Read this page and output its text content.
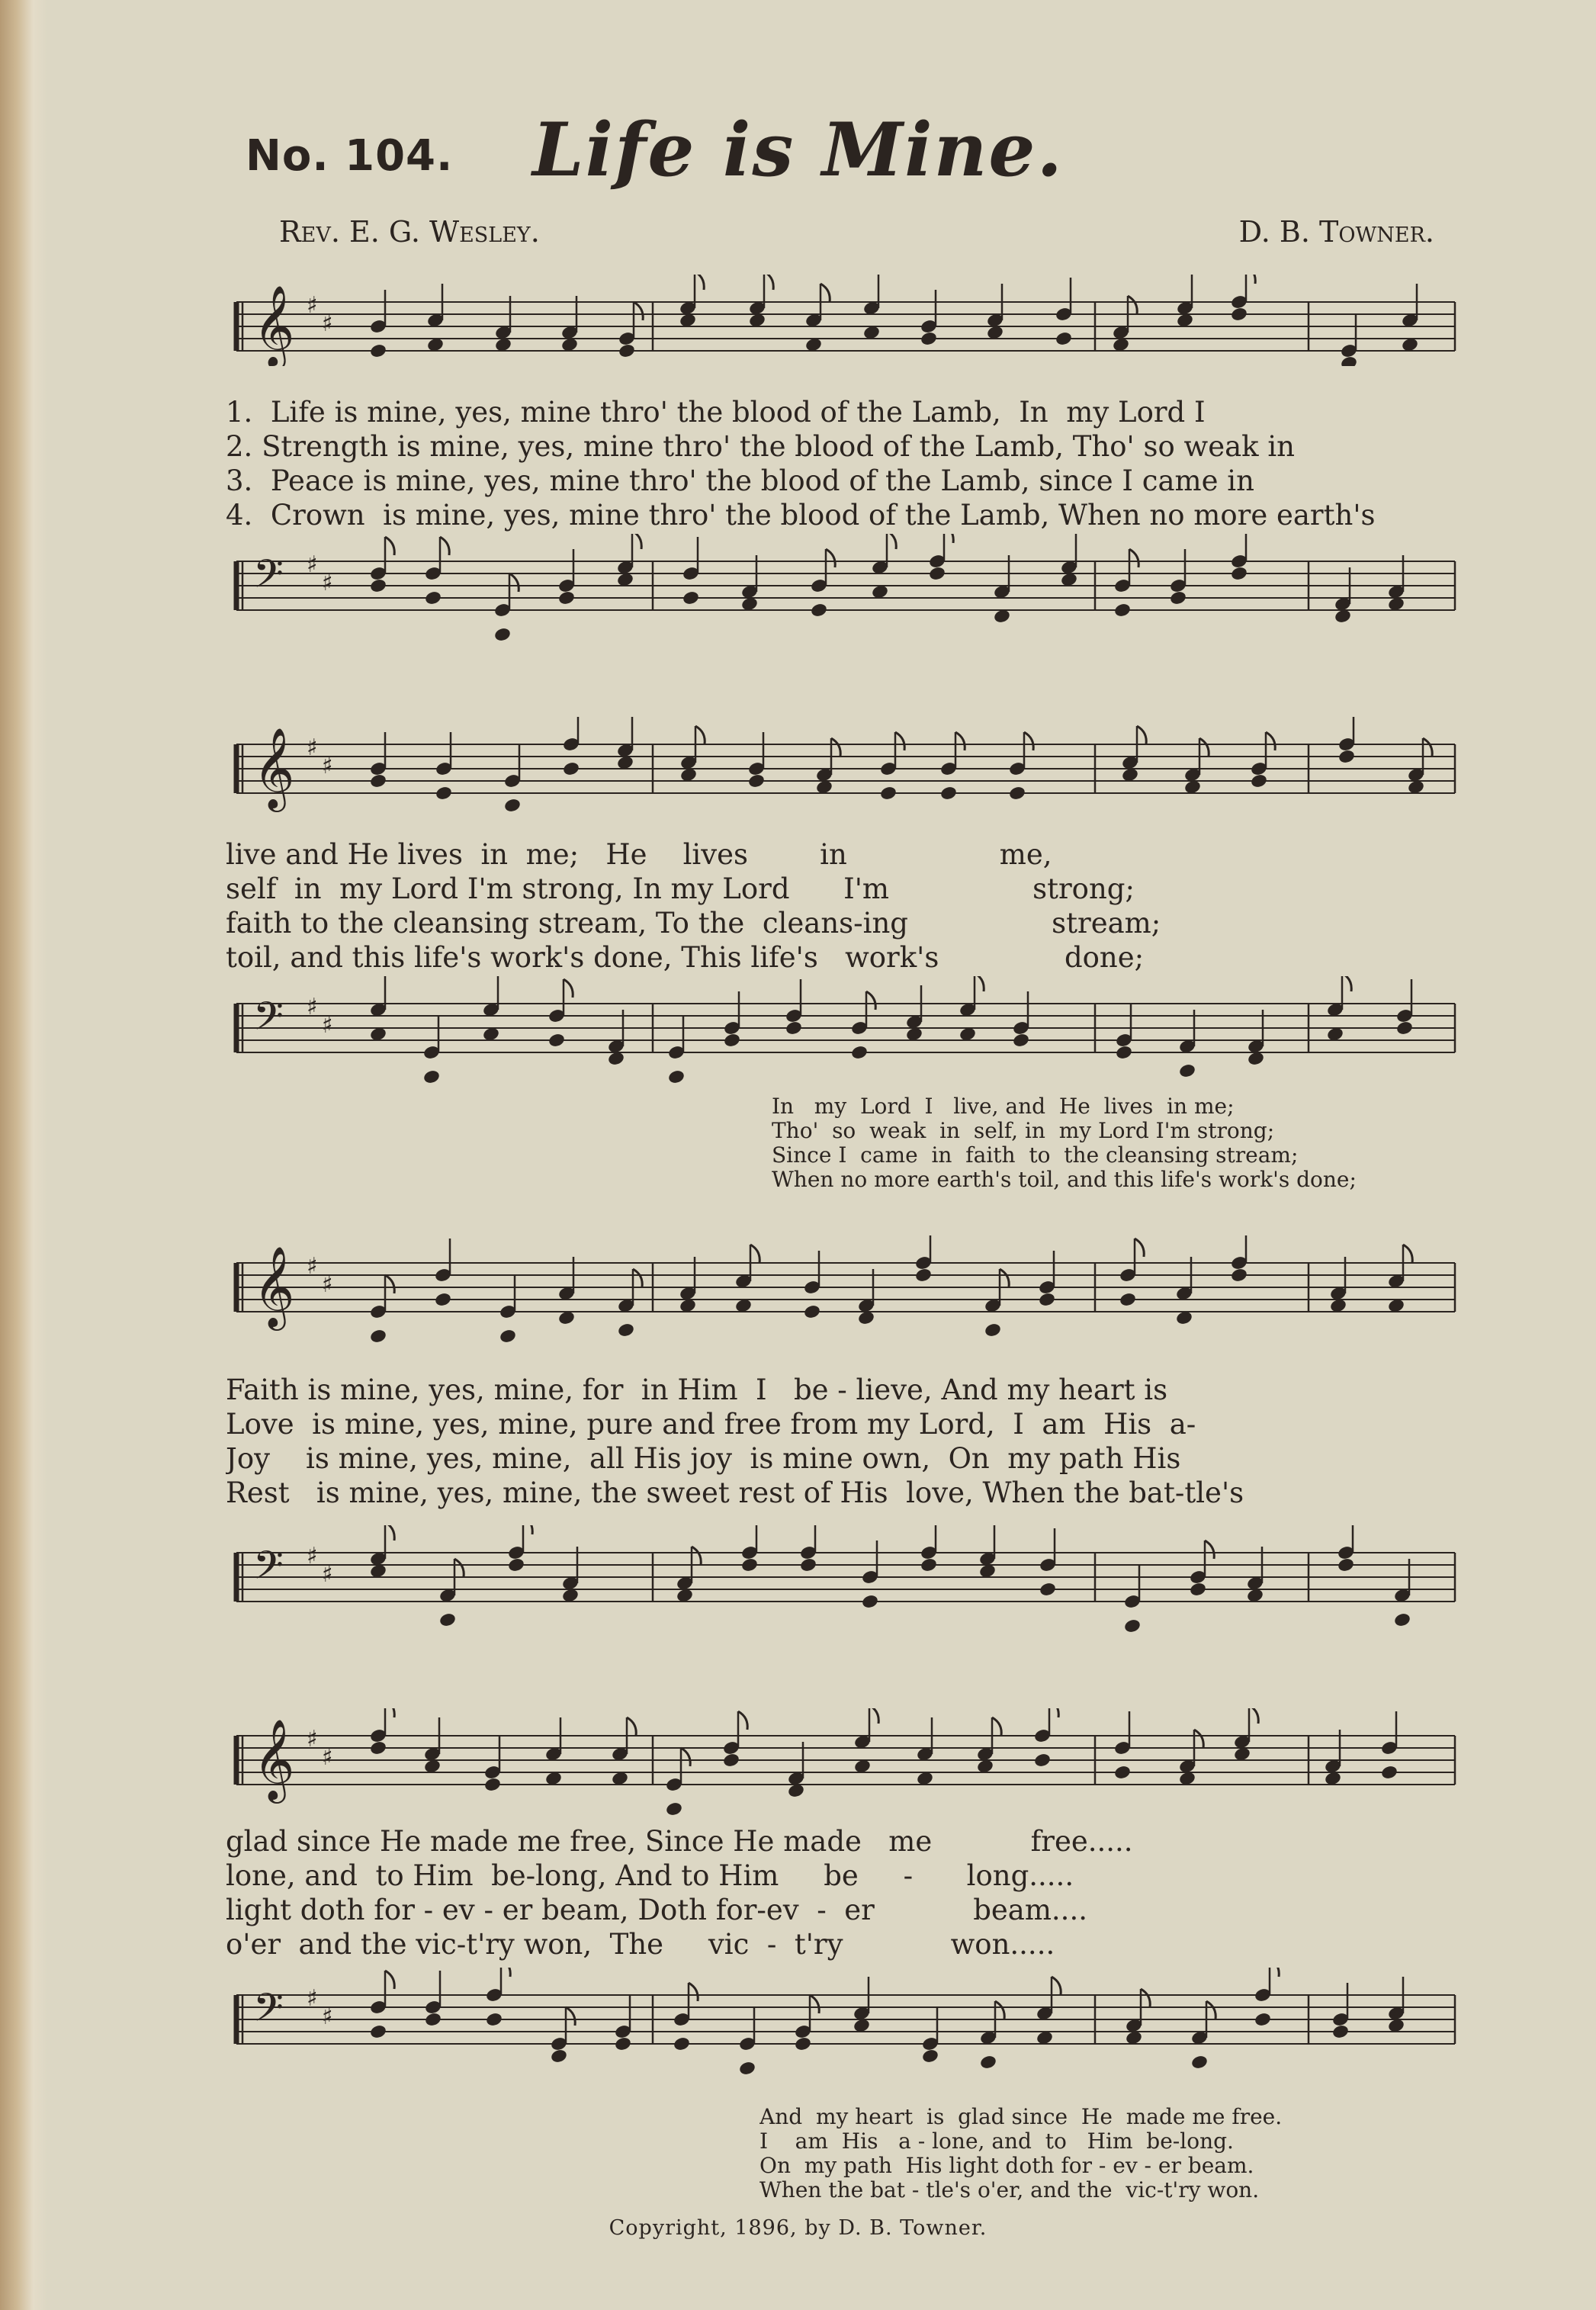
No. 104.	Life is Mine.
Rev. E. G. Wesley.	D. B. Towner.
𝄞 ♯
♯
1.  Life is mine, yes, mine thro' the blood of the Lamb,  In  my Lord I
2. Strength is mine, yes, mine thro' the blood of the Lamb, Tho' so weak in
3.  Peace is mine, yes, mine thro' the blood of the Lamb, since I came in
4.  Crown  is mine, yes, mine thro' the blood of the Lamb, When no more earth's
𝄢 ♯
♯
𝄞 ♯
♯
live and He lives  in  me;   He    lives        in                 me,
self  in  my Lord I'm strong, In my Lord      I'm                strong;
faith to the cleansing stream, To the  cleans-ing                stream;
toil, and this life's work's done, This life's   work's              done;
𝄢 ♯
♯
In   my  Lord  I   live, and  He  lives  in me;
Tho'  so  weak  in  self, in  my Lord I'm strong;
Since I  came  in  faith  to  the cleansing stream;
When no more earth's toil, and this life's work's done;
𝄞 ♯
♯
Faith is mine, yes, mine, for  in Him  I   be - lieve, And my heart is
Love  is mine, yes, mine, pure and free from my Lord,  I  am  His  a-
Joy    is mine, yes, mine,  all His joy  is mine own,  On  my path His
Rest   is mine, yes, mine, the sweet rest of His  love, When the bat-tle's
𝄢 ♯
♯
𝄞 ♯
♯
glad since He made me free, Since He made   me           free.....
lone, and  to Him  be-long, And to Him     be     -      long.....
light doth for - ev - er beam, Doth for-ev  -  er           beam....
o'er  and the vic-t'ry won,  The     vic  -  t'ry            won.....
𝄢 ♯
♯
And  my heart  is  glad since  He  made me free.
I    am  His   a - lone, and  to   Him  be-long.
On  my path  His light doth for - ev - er beam.
When the bat - tle's o'er, and the  vic-t'ry won.
Copyright, 1896, by D. B. Towner.
